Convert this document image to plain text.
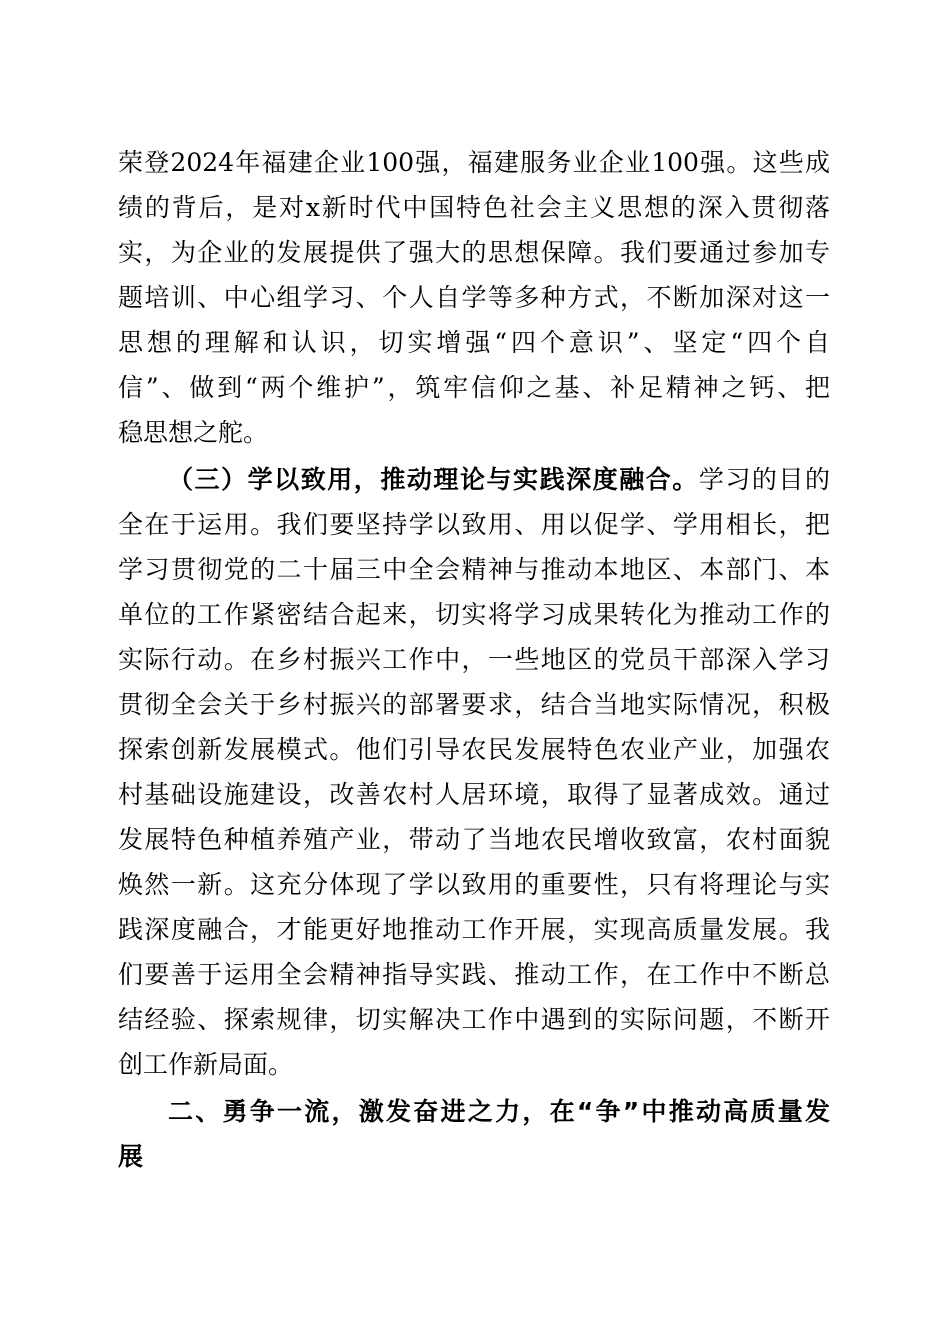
荣登2024年福建企业100强，福建服务业企业100强。这些成

绩的背后，是对x新时代中国特色社会主义思想的深入贯彻落

实，为企业的发展提供了强大的思想保障。我们要通过参加专

题培训、中心组学习、个人自学等多种方式，不断加深对这一

思想的理解和认识，切实增强“四个意识”、坚定“四个自

信”、做到“两个维护”，筑牢信仰之基、补足精神之钙、把

稳思想之舵。

（三）学以致用，推动理论与实践深度融合。学习的目的

全在于运用。我们要坚持学以致用、用以促学、学用相长，把

学习贯彻党的二十届三中全会精神与推动本地区、本部门、本

单位的工作紧密结合起来，切实将学习成果转化为推动工作的

实际行动。在乡村振兴工作中，一些地区的党员干部深入学习

贯彻全会关于乡村振兴的部署要求，结合当地实际情况，积极

探索创新发展模式。他们引导农民发展特色农业产业，加强农

村基础设施建设，改善农村人居环境，取得了显著成效。通过

发展特色种植养殖产业，带动了当地农民增收致富，农村面貌

焕然一新。这充分体现了学以致用的重要性，只有将理论与实

践深度融合，才能更好地推动工作开展，实现高质量发展。我

们要善于运用全会精神指导实践、推动工作，在工作中不断总

结经验、探索规律，切实解决工作中遇到的实际问题，不断开

创工作新局面。

二、勇争一流，激发奋进之力，在“争”中推动高质量发

展
